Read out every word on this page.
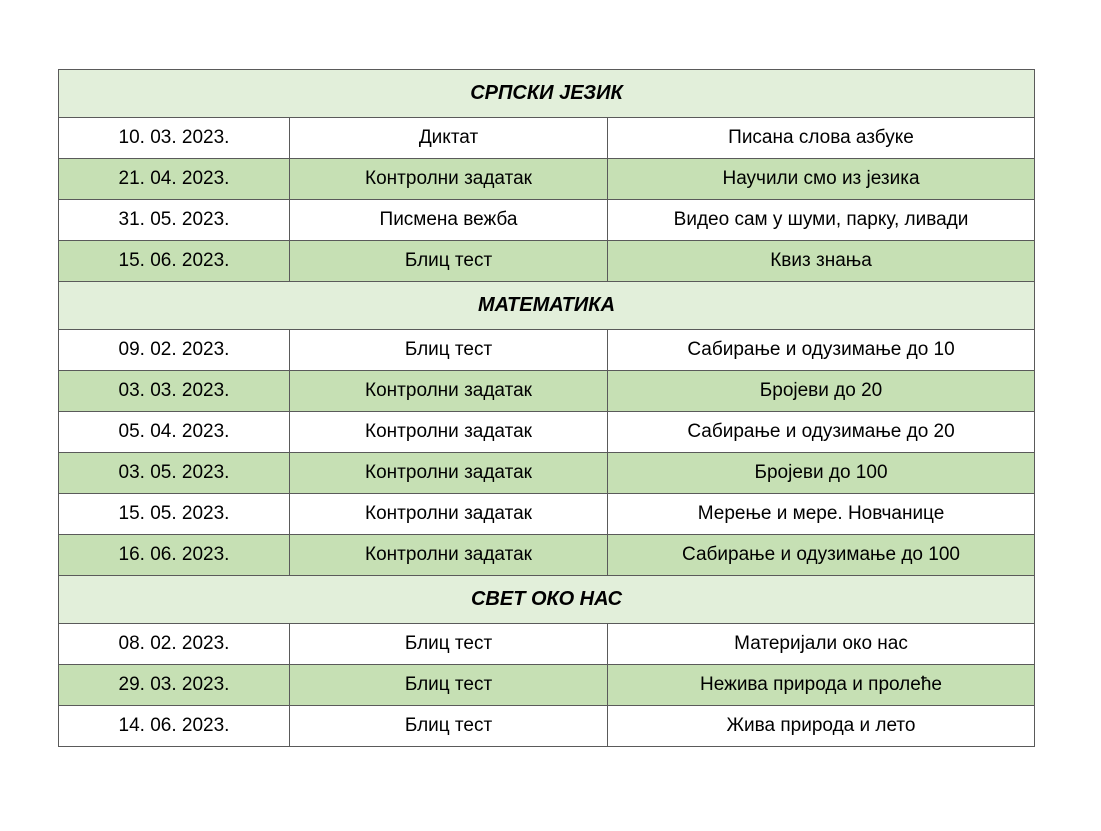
СРПСКИ ЈЕЗИК		
10. 03. 2023.	Диктат	Писана слова азбуке
21. 04. 2023.	Контролни задатак	Научили смо из језика
31. 05. 2023.	Писмена вежба	Видео сам у шуми, парку, ливади
15. 06. 2023.	Блиц тест	Квиз знања
МАТЕМАТИКА		
09. 02. 2023.	Блиц тест	Сабирање и одузимање до 10
03. 03. 2023.	Контролни задатак	Бројеви до 20
05. 04. 2023.	Контролни задатак	Сабирање и одузимање до 20
03. 05. 2023.	Контролни задатак	Бројеви до 100
15. 05. 2023.	Контролни задатак	Мерење и мере. Новчанице
16. 06. 2023.	Контролни задатак	Сабирање и одузимање до 100
СВЕТ ОКО НАС		
08. 02. 2023.	Блиц тест	Материјали око нас
29. 03. 2023.	Блиц тест	Нежива природа и пролеће
14. 06. 2023.	Блиц тест	Жива природа и лето
